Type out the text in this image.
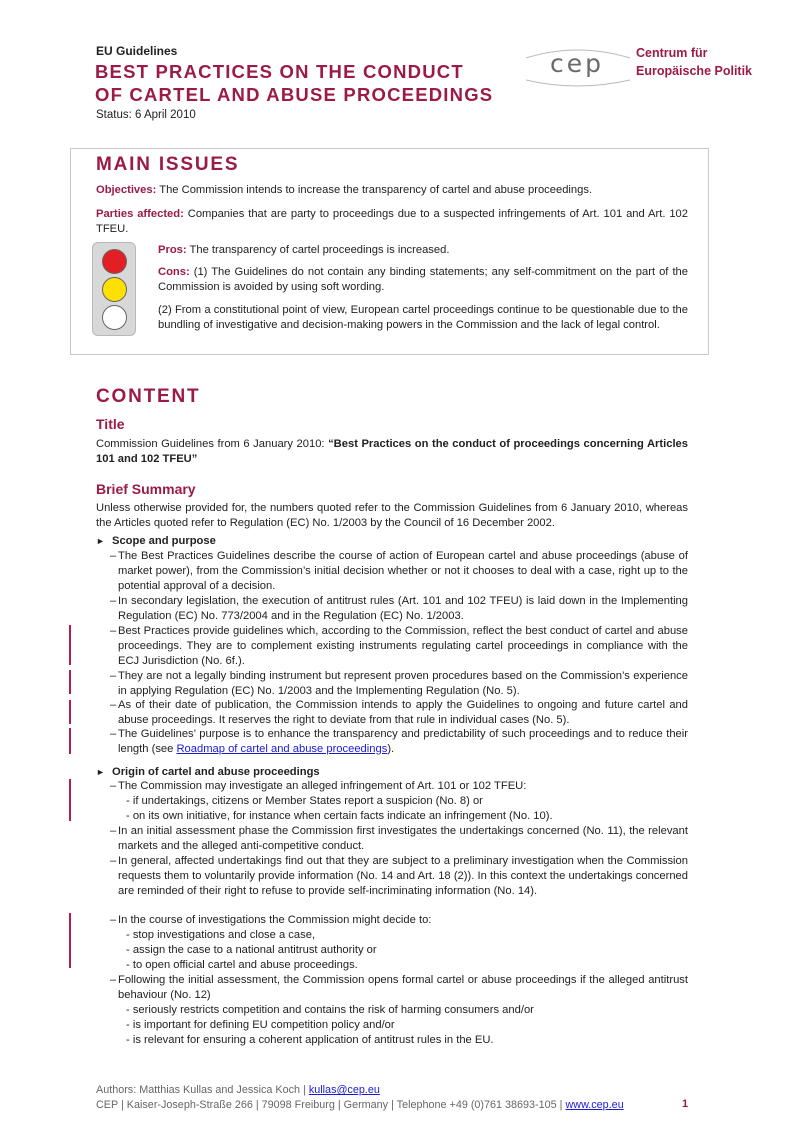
EU Guidelines
BEST PRACTICES ON THE CONDUCT
OF CARTEL AND ABUSE PROCEEDINGS
Status: 6 April 2010
cep	Centrum für
Europäische Politik
MAIN ISSUES
Objectives: The Commission intends to increase the transparency of cartel and abuse proceedings.
Parties affected: Companies that are party to proceedings due to a suspected infringements of Art. 101 and Art. 102 TFEU.
Pros: The transparency of cartel proceedings is increased.
Cons: (1) The Guidelines do not contain any binding statements; any self-commitment on the part of the Commission is avoided by using soft wording.
(2) From a constitutional point of view, European cartel proceedings continue to be questionable due to the bundling of investigative and decision-making powers in the Commission and the lack of legal control.
CONTENT
Title
Commission Guidelines from 6 January 2010: “Best Practices on the conduct of proceedings concerning Articles 101 and 102 TFEU”
Brief Summary
Unless otherwise provided for, the numbers quoted refer to the Commission Guidelines from 6 January 2010, whereas the Articles quoted refer to Regulation (EC) No. 1/2003 by the Council of 16 December 2002.
► Scope and purpose
– The Best Practices Guidelines describe the course of action of European cartel and abuse proceedings (abuse of market power), from the Commission’s initial decision whether or not it chooses to deal with a case, right up to the potential approval of a decision.
– In secondary legislation, the execution of antitrust rules (Art. 101 and 102 TFEU) is laid down in the Implementing Regulation (EC) No. 773/2004 and in the Regulation (EC) No. 1/2003.
– Best Practices provide guidelines which, according to the Commission, reflect the best conduct of cartel and abuse proceedings. They are to complement existing instruments regulating cartel proceedings in compliance with the ECJ Jurisdiction (No. 6f.).
– They are not a legally binding instrument but represent proven procedures based on the Commission’s experience in applying Regulation (EC) No. 1/2003 and the Implementing Regulation (No. 5).
– As of their date of publication, the Commission intends to apply the Guidelines to ongoing and future cartel and abuse proceedings. It reserves the right to deviate from that rule in individual cases (No. 5).
– The Guidelines’ purpose is to enhance the transparency and predictability of such proceedings and to reduce their length (see Roadmap of cartel and abuse proceedings).
► Origin of cartel and abuse proceedings
– The Commission may investigate an alleged infringement of Art. 101 or 102 TFEU:
- if undertakings, citizens or Member States report a suspicion (No. 8) or
- on its own initiative, for instance when certain facts indicate an infringement (No. 10).
– In an initial assessment phase the Commission first investigates the undertakings concerned (No. 11), the relevant markets and the alleged anti-competitive conduct.
– In general, affected undertakings find out that they are subject to a preliminary investigation when the Commission requests them to voluntarily provide information (No. 14 and Art. 18 (2)). In this context the undertakings concerned are reminded of their right to refuse to provide self-incriminating information (No. 14).
– In the course of investigations the Commission might decide to:
- stop investigations and close a case,
- assign the case to a national antitrust authority or
- to open official cartel and abuse proceedings.
– Following the initial assessment, the Commission opens formal cartel or abuse proceedings if the alleged antitrust behaviour (No. 12)
- seriously restricts competition and contains the risk of harming consumers and/or
- is important for defining EU competition policy and/or
- is relevant for ensuring a coherent application of antitrust rules in the EU.
Authors: Matthias Kullas and Jessica Koch | kullas@cep.eu
CEP | Kaiser-Joseph-Straße 266 | 79098 Freiburg | Germany | Telephone +49 (0)761 38693-105 | www.cep.eu	1
